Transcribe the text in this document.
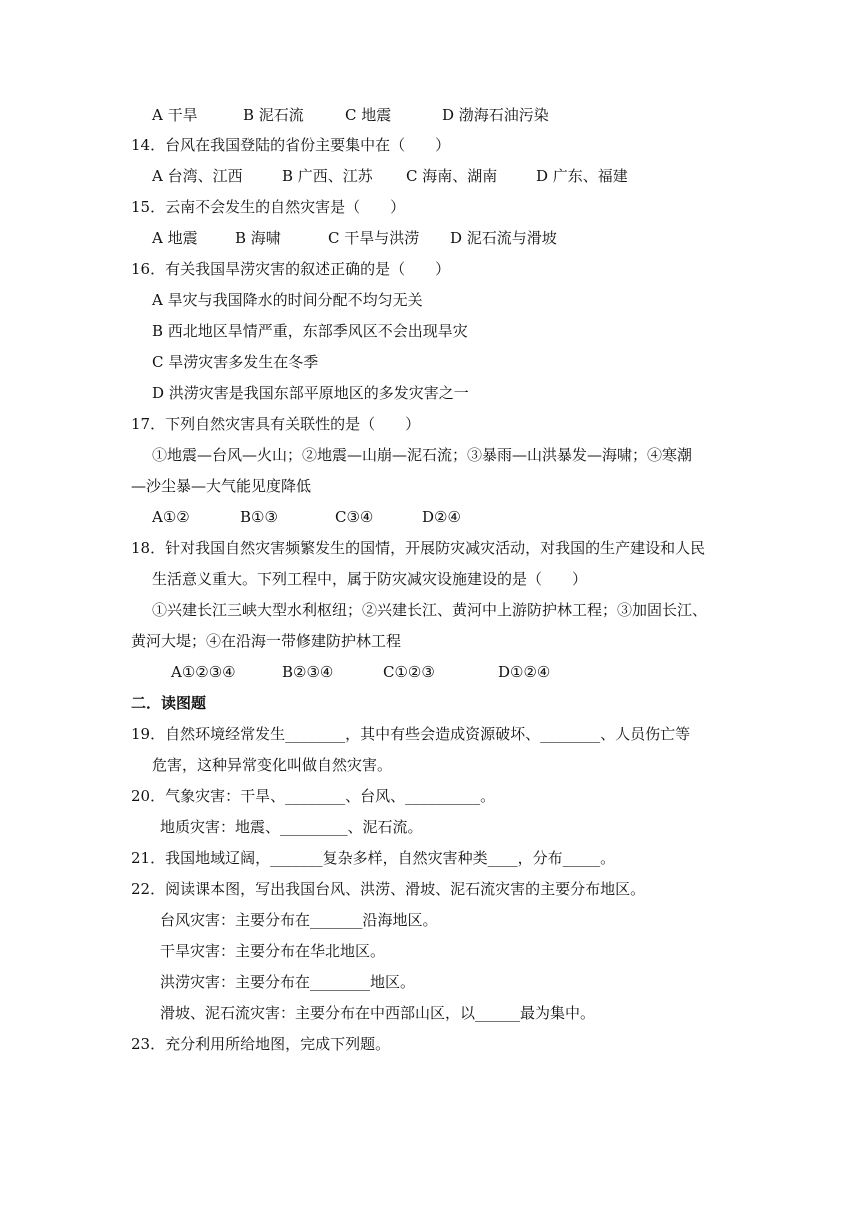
A 干旱	B 泥石流	C 地震	D 渤海石油污染
14．台风在我国登陆的省份主要集中在（　　）
A 台湾、江西	B 广西、江苏 C 海南、湖南	D 广东、福建
15．云南不会发生的自然灾害是（　　）
A 地震 B 海啸	C 干旱与洪涝 D 泥石流与滑坡
16．有关我国旱涝灾害的叙述正确的是（　　）
A 旱灾与我国降水的时间分配不均匀无关
B 西北地区旱情严重，东部季风区不会出现旱灾
C 旱涝灾害多发生在冬季
D 洪涝灾害是我国东部平原地区的多发灾害之一
17．下列自然灾害具有关联性的是（　　）
①地震—台风—火山；②地震—山崩—泥石流；③暴雨—山洪暴发—海啸；④寒潮
—沙尘暴—大气能见度降低
A①②	B①③	C③④	D②④
18．针对我国自然灾害频繁发生的国情，开展防灾减灾活动，对我国的生产建设和人民
生活意义重大。下列工程中，属于防灾减灾设施建设的是（　　）
①兴建长江三峡大型水利枢纽；②兴建长江、黄河中上游防护林工程；③加固长江、
黄河大堤；④在沿海一带修建防护林工程
A①②③④	B②③④	C①②③	D①②④
二．读图题
19．自然环境经常发生________，其中有些会造成资源破坏、________、人员伤亡等
危害，这种异常变化叫做自然灾害。
20．气象灾害：干旱、________、台风、__________。
地质灾害：地震、_________、泥石流。
21．我国地域辽阔，_______复杂多样，自然灾害种类____，分布_____。
22．阅读课本图，写出我国台风、洪涝、滑坡、泥石流灾害的主要分布地区。
台风灾害：主要分布在_______沿海地区。
干旱灾害：主要分布在华北地区。
洪涝灾害：主要分布在________地区。
滑坡、泥石流灾害：主要分布在中西部山区，以______最为集中。
23．充分利用所给地图，完成下列题。
